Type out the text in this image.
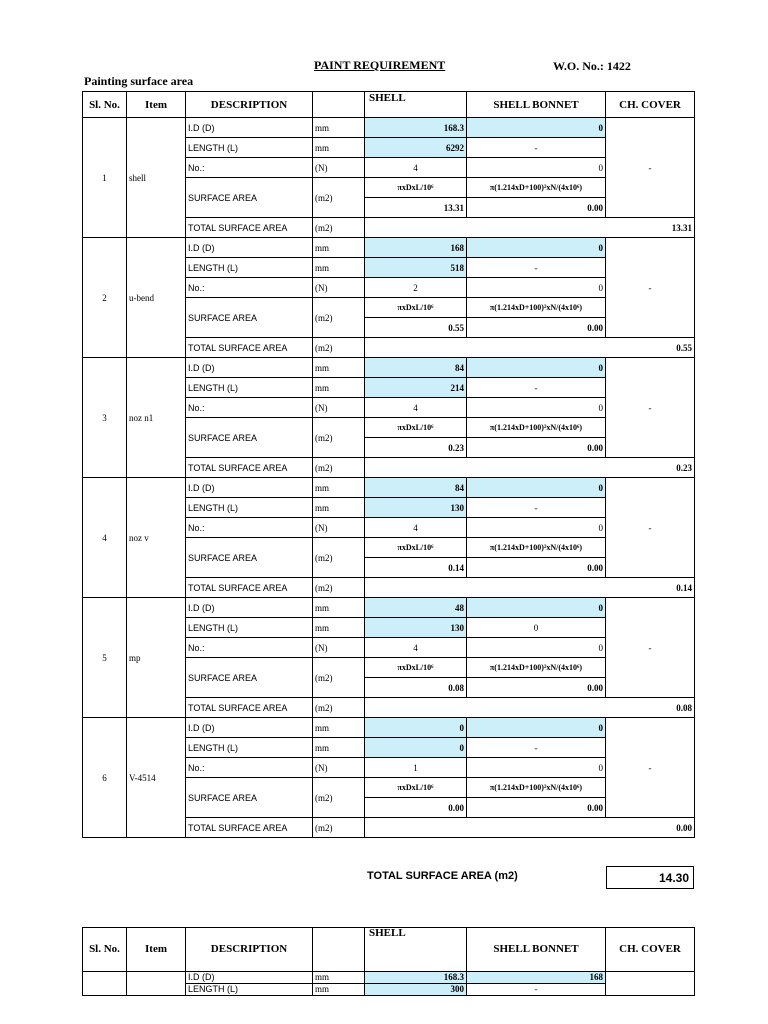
PAINT REQUIREMENT	W.O. No.: 1422
Painting surface area
Sl. No.	Item	DESCRIPTION		SHELL	SHELL BONNET	CH. COVER
1	shell	I.D (D)	mm	168.3	0	-
		LENGTH (L)	mm	6292	-	
		No.:	(N)	4	0	
		SURFACE AREA	(m2)	πxDxL/10⁶	π(1.214xD+100)²xN/(4x10⁶)	
				13.31	0.00	
		TOTAL SURFACE AREA	(m2)	13.31		
2	u-bend	I.D (D)	mm	168	0	-
		LENGTH (L)	mm	518	-	
		No.:	(N)	2	0	
		SURFACE AREA	(m2)	πxDxL/10⁶	π(1.214xD+100)²xN/(4x10⁶)	
				0.55	0.00	
		TOTAL SURFACE AREA	(m2)	0.55		
3	noz n1	I.D (D)	mm	84	0	-
		LENGTH (L)	mm	214	-	
		No.:	(N)	4	0	
		SURFACE AREA	(m2)	πxDxL/10⁶	π(1.214xD+100)²xN/(4x10⁶)	
				0.23	0.00	
		TOTAL SURFACE AREA	(m2)	0.23		
4	noz v	I.D (D)	mm	84	0	-
		LENGTH (L)	mm	130	-	
		No.:	(N)	4	0	
		SURFACE AREA	(m2)	πxDxL/10⁶	π(1.214xD+100)²xN/(4x10⁶)	
				0.14	0.00	
		TOTAL SURFACE AREA	(m2)	0.14		
5	mp	I.D (D)	mm	48	0	-
		LENGTH (L)	mm	130	0	
		No.:	(N)	4	0	
		SURFACE AREA	(m2)	πxDxL/10⁶	π(1.214xD+100)²xN/(4x10⁶)	
				0.08	0.00	
		TOTAL SURFACE AREA	(m2)	0.08		
6	V-4514	I.D (D)	mm	0	0	-
		LENGTH (L)	mm	0	-	
		No.:	(N)	1	0	
		SURFACE AREA	(m2)	πxDxL/10⁶	π(1.214xD+100)²xN/(4x10⁶)	
				0.00	0.00	
		TOTAL SURFACE AREA	(m2)	0.00		
TOTAL SURFACE AREA (m2)	14.30
Sl. No.	Item	DESCRIPTION		SHELL	SHELL BONNET	CH. COVER
		I.D (D)	mm	168.3	168	
		LENGTH (L)	mm	300	-	
